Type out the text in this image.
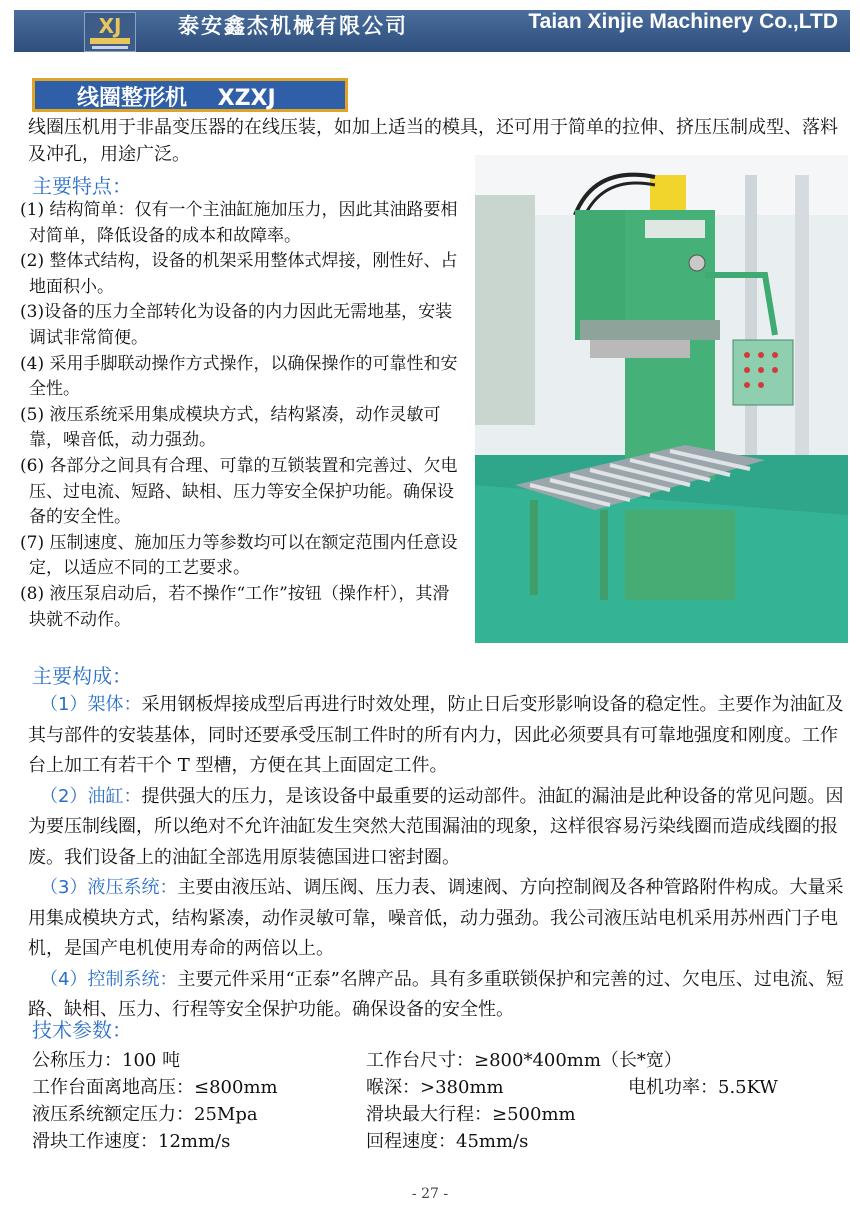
XJ	泰安鑫杰机械有限公司	Taian Xinjie Machinery Co.,LTD
线圈整形机    XZXJ
线圈压机用于非晶变压器的在线压装，如加上适当的模具，还可用于简单的拉伸、挤压压制成型、落料及冲孔，用途广泛。
主要特点：
(1) 结构简单：仅有一个主油缸施加压力，因此其油路要相对简单，降低设备的成本和故障率。
(2) 整体式结构，设备的机架采用整体式焊接，刚性好、占地面积小。
(3)设备的压力全部转化为设备的内力因此无需地基，安装调试非常简便。
(4) 采用手脚联动操作方式操作，以确保操作的可靠性和安全性。
(5) 液压系统采用集成模块方式，结构紧凑，动作灵敏可靠，噪音低，动力强劲。
(6) 各部分之间具有合理、可靠的互锁装置和完善过、欠电压、过电流、短路、缺相、压力等安全保护功能。确保设备的安全性。
(7) 压制速度、施加压力等参数均可以在额定范围内任意设定，以适应不同的工艺要求。
(8) 液压泵启动后，若不操作“工作”按钮（操作杆），其滑块就不动作。
主要构成：

（1）架体：采用钢板焊接成型后再进行时效处理，防止日后变形影响设备的稳定性。主要作为油缸及其与部件的安装基体，同时还要承受压制工件时的所有内力，因此必须要具有可靠地强度和刚度。工作台上加工有若干个 T 型槽，方便在其上面固定工件。

（2）油缸：提供强大的压力，是该设备中最重要的运动部件。油缸的漏油是此种设备的常见问题。因为要压制线圈，所以绝对不允许油缸发生突然大范围漏油的现象，这样很容易污染线圈而造成线圈的报废。我们设备上的油缸全部选用原装德国进口密封圈。

（3）液压系统：主要由液压站、调压阀、压力表、调速阀、方向控制阀及各种管路附件构成。大量采用集成模块方式，结构紧凑，动作灵敏可靠，噪音低，动力强劲。我公司液压站电机采用苏州西门子电机，是国产电机使用寿命的两倍以上。

（4）控制系统：主要元件采用“正泰”名牌产品。具有多重联锁保护和完善的过、欠电压、过电流、短路、缺相、压力、行程等安全保护功能。确保设备的安全性。

技术参数：
公称压力：100 吨	工作台尺寸：≥800*400mm（长*宽）
工作台面离地高压：≤800mm	喉深：>380mm	电机功率：5.5KW
液压系统额定压力：25Mpa	滑块最大行程：≥500mm
滑块工作速度：12mm/s	回程速度：45mm/s
- 27 -
